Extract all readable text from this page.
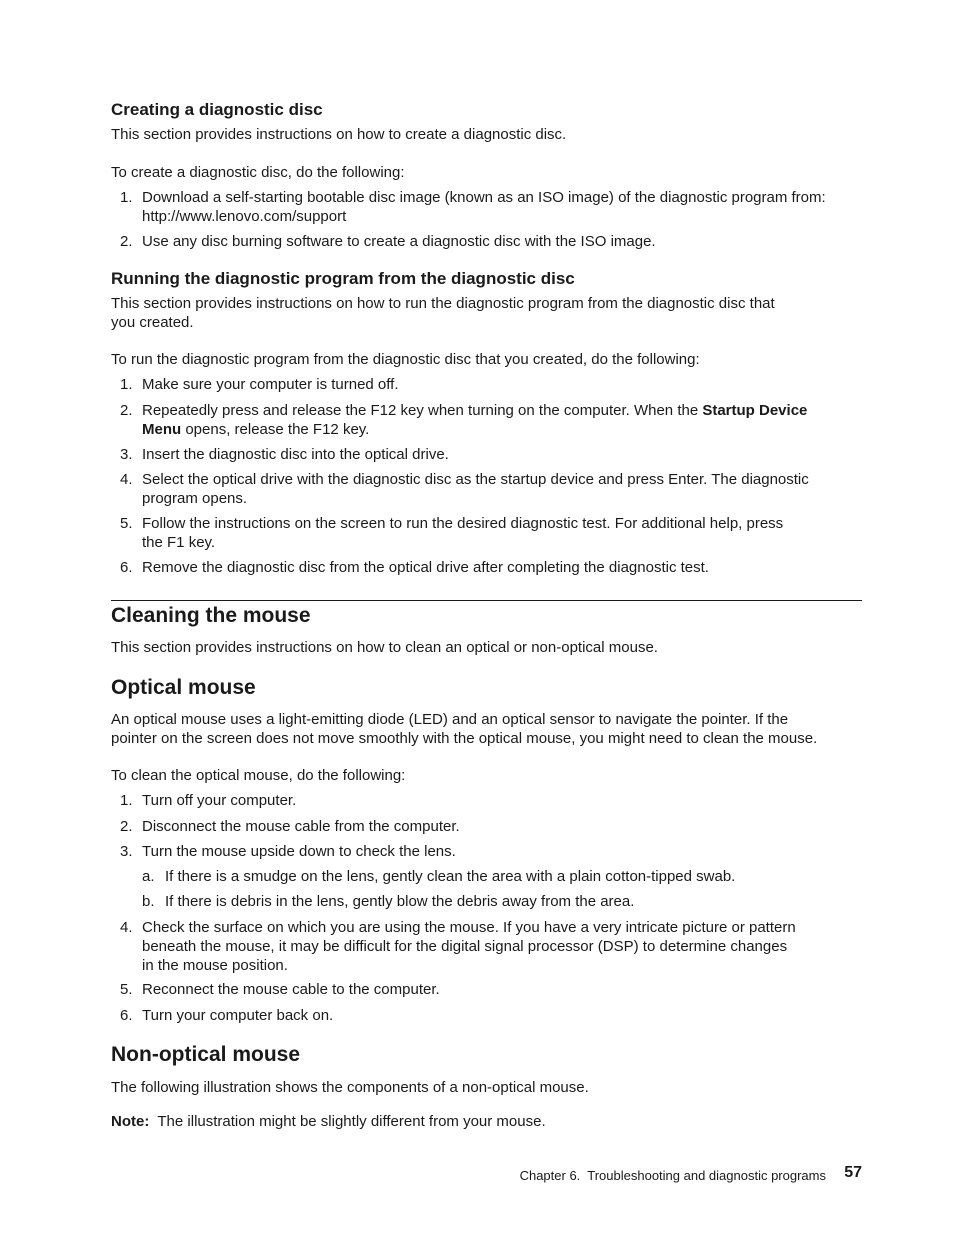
Creating a diagnostic disc

This section provides instructions on how to create a diagnostic disc.

To create a diagnostic disc, do the following:

1. Download a self-starting bootable disc image (known as an ISO image) of the diagnostic program from:
http://www.lenovo.com/support
2. Use any disc burning software to create a diagnostic disc with the ISO image.
Running the diagnostic program from the diagnostic disc

This section provides instructions on how to run the diagnostic program from the diagnostic disc that
you created.

To run the diagnostic program from the diagnostic disc that you created, do the following:

1. Make sure your computer is turned off.
2. Repeatedly press and release the F12 key when turning on the computer. When the Startup Device
Menu opens, release the F12 key.
3. Insert the diagnostic disc into the optical drive.
4. Select the optical drive with the diagnostic disc as the startup device and press Enter. The diagnostic
program opens.
5. Follow the instructions on the screen to run the desired diagnostic test. For additional help, press
the F1 key.
6. Remove the diagnostic disc from the optical drive after completing the diagnostic test.
Cleaning the mouse

This section provides instructions on how to clean an optical or non-optical mouse.

Optical mouse

An optical mouse uses a light-emitting diode (LED) and an optical sensor to navigate the pointer. If the
pointer on the screen does not move smoothly with the optical mouse, you might need to clean the mouse.

To clean the optical mouse, do the following:

1. Turn off your computer.
2. Disconnect the mouse cable from the computer.
3. Turn the mouse upside down to check the lens.
a. If there is a smudge on the lens, gently clean the area with a plain cotton-tipped swab.
b. If there is debris in the lens, gently blow the debris away from the area.
4. Check the surface on which you are using the mouse. If you have a very intricate picture or pattern
beneath the mouse, it may be difficult for the digital signal processor (DSP) to determine changes
in the mouse position.
5. Reconnect the mouse cable to the computer.
6. Turn your computer back on.
Non-optical mouse

The following illustration shows the components of a non-optical mouse.

Note:  The illustration might be slightly different from your mouse.

Chapter 6.  Troubleshooting and diagnostic programs 57
